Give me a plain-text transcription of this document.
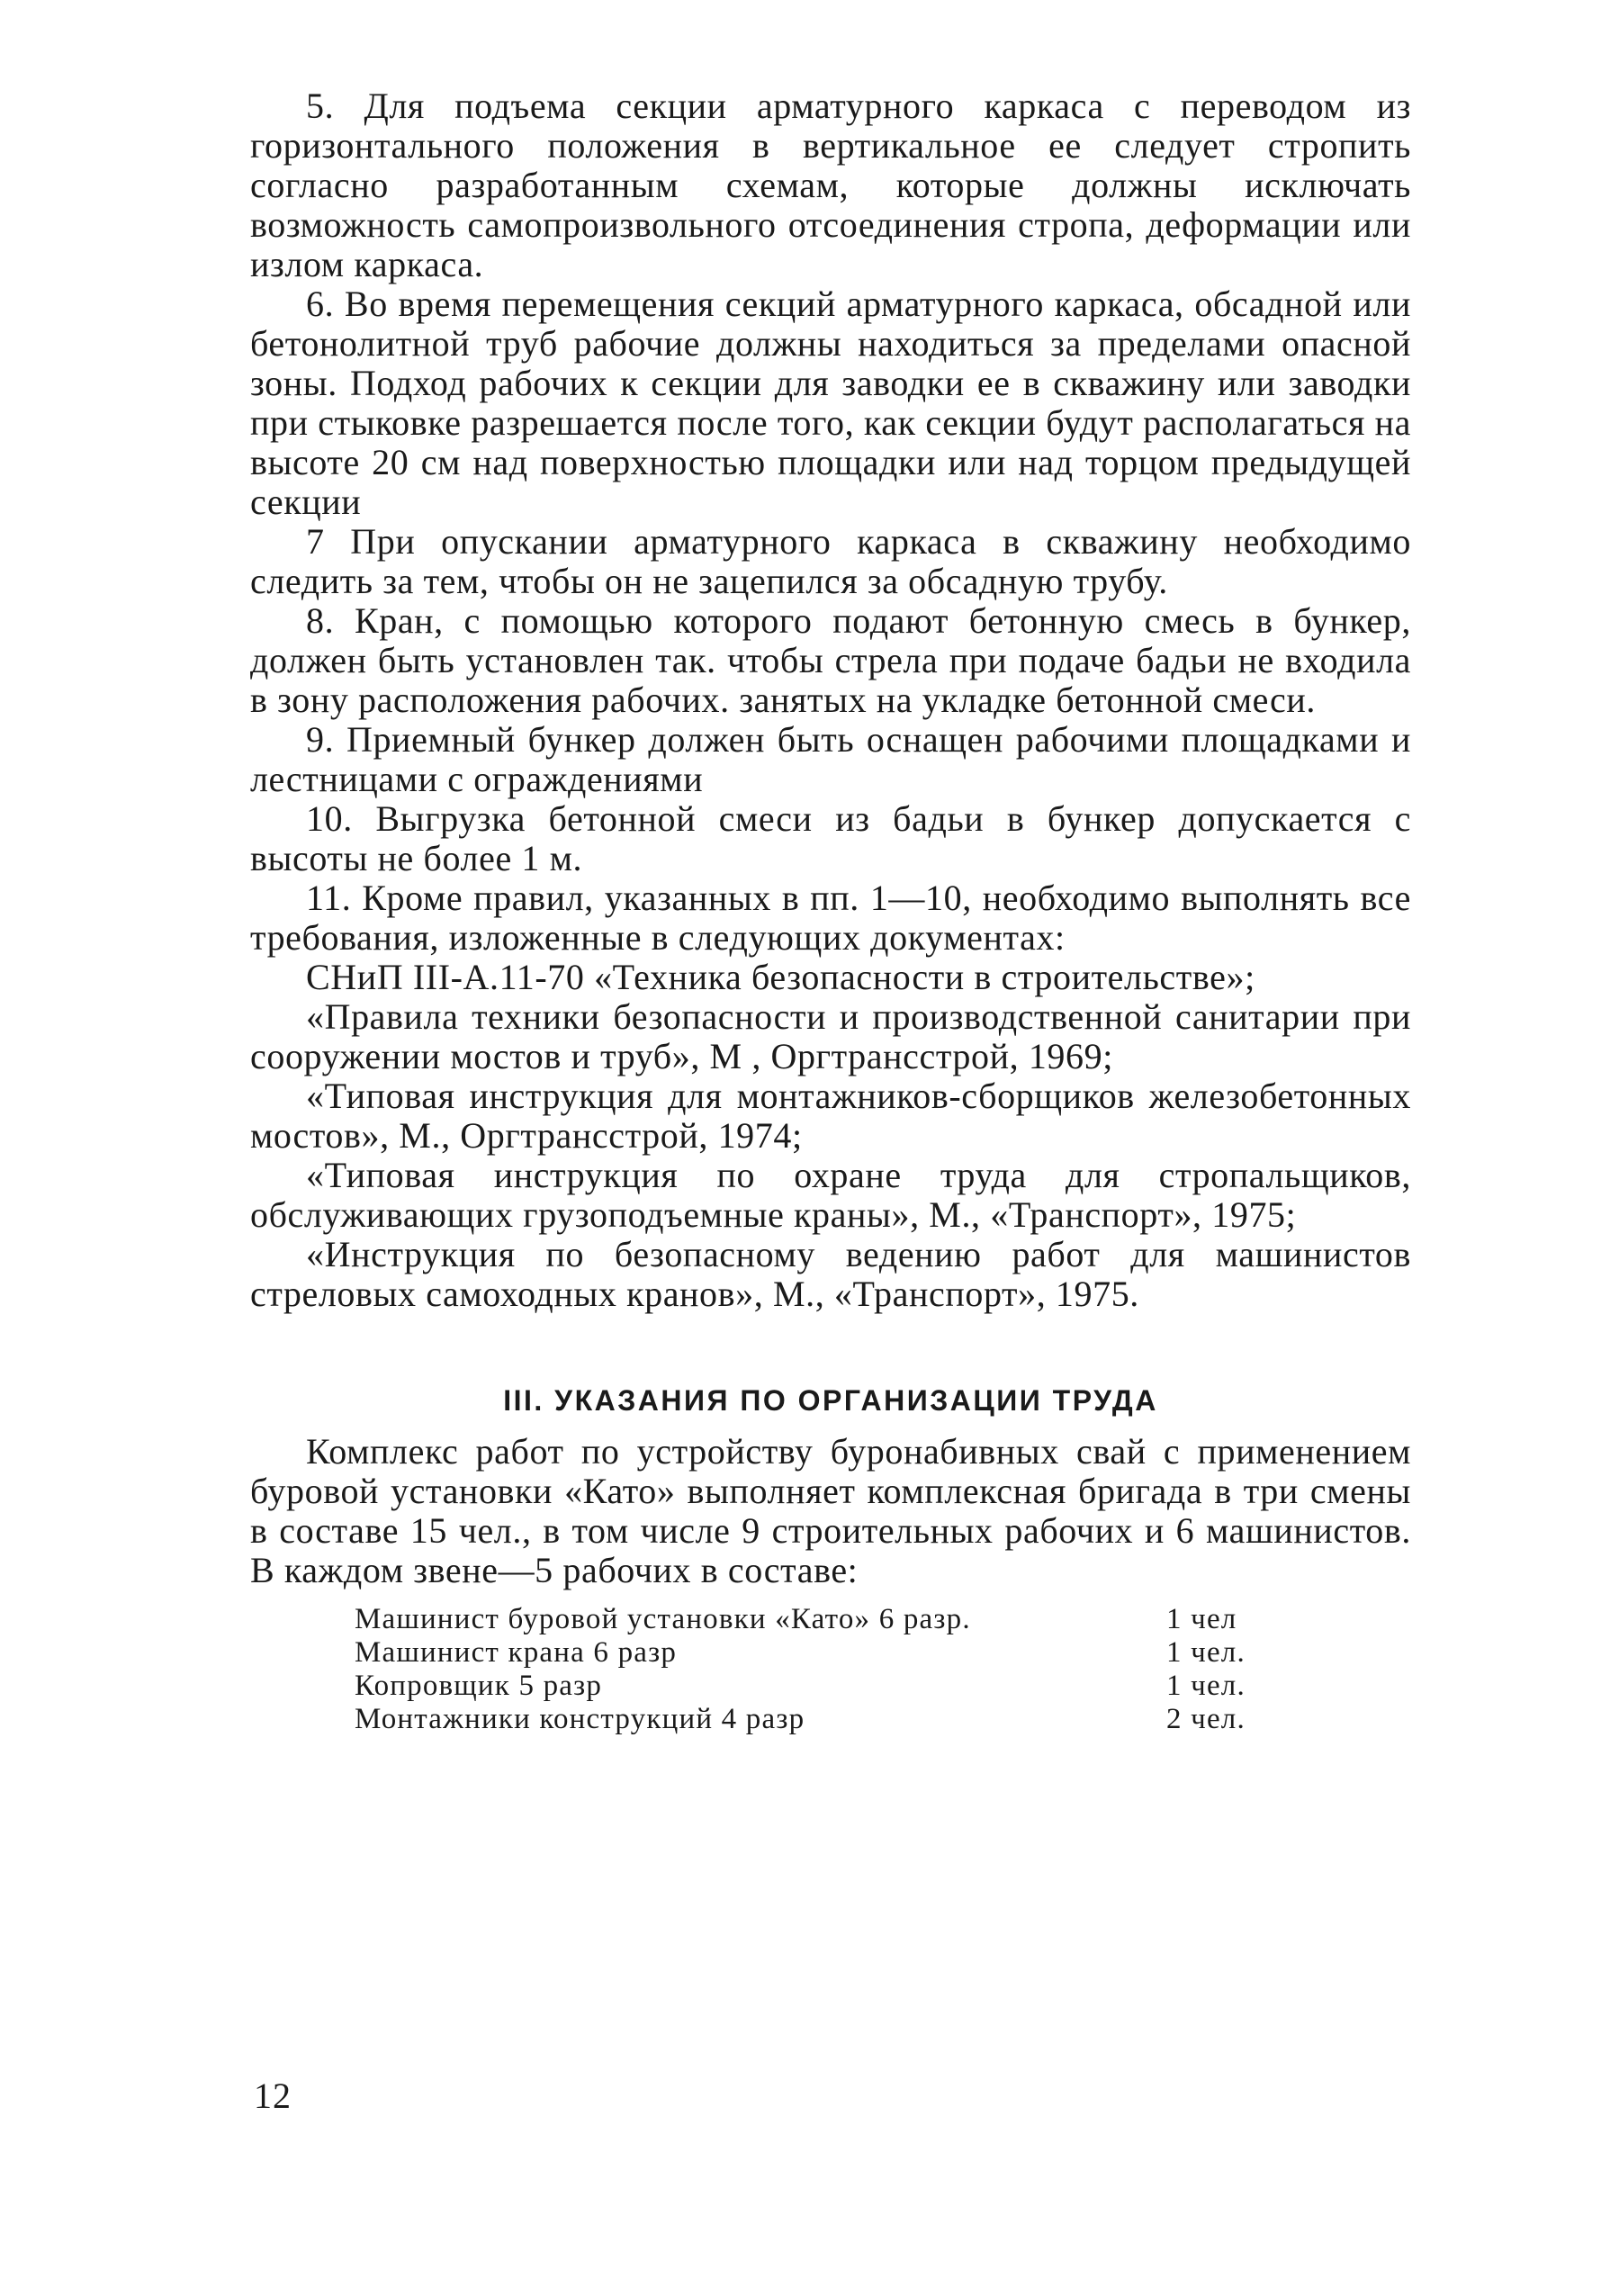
5. Для подъема секции арматурного каркаса с переводом из горизонтального положения в вертикальное ее следует стропить согласно разработанным схемам, которые должны исключать возможность самопроизвольного отсоединения стропа, деформации или излом каркаса.

6. Во время перемещения секций арматурного каркаса, обсадной или бетонолитной труб рабочие должны находиться за пределами опасной зоны. Подход рабочих к секции для заводки ее в скважину или заводки при стыковке разрешается после того, как секции будут располагаться на высоте 20 см над поверхностью площадки или над торцом предыдущей секции

7 При опускании арматурного каркаса в скважину необходимо следить за тем, чтобы он не зацепился за обсадную трубу.

8. Кран, с помощью которого подают бетонную смесь в бункер, должен быть установлен так. чтобы стрела при подаче бадьи не входила в зону расположения рабочих. занятых на укладке бетонной смеси.

9. Приемный бункер должен быть оснащен рабочими площадками и лестницами с ограждениями

10. Выгрузка бетонной смеси из бадьи в бункер допускается с высоты не более 1 м.

11. Кроме правил, указанных в пп. 1—10, необходимо выполнять все требования, изложенные в следующих документах:

СНиП III-А.11-70 «Техника безопасности в строительстве»;

«Правила техники безопасности и производственной санитарии при сооружении мостов и труб», М , Оргтрансстрой, 1969;

«Типовая инструкция для монтажников-сборщиков железобетонных мостов», М., Оргтрансстрой, 1974;

«Типовая инструкция по охране труда для стропальщиков, обслуживающих грузоподъемные краны», М., «Транспорт», 1975;

«Инструкция по безопасному ведению работ для машинистов стреловых самоходных кранов», М., «Транспорт», 1975.

III. УКАЗАНИЯ ПО ОРГАНИЗАЦИИ ТРУДА

Комплекс работ по устройству буронабивных свай с применением буровой установки «Като» выполняет комплексная бригада в три смены в составе 15 чел., в том числе 9 строительных рабочих и 6 машинистов. В каждом звене—5 рабочих в составе:

Машинист буровой установки «Като» 6 разр.	1 чел
Машинист крана 6 разр	1 чел.
Копровщик 5 разр	1 чел.
Монтажники конструкций 4 разр	2 чел.
12
